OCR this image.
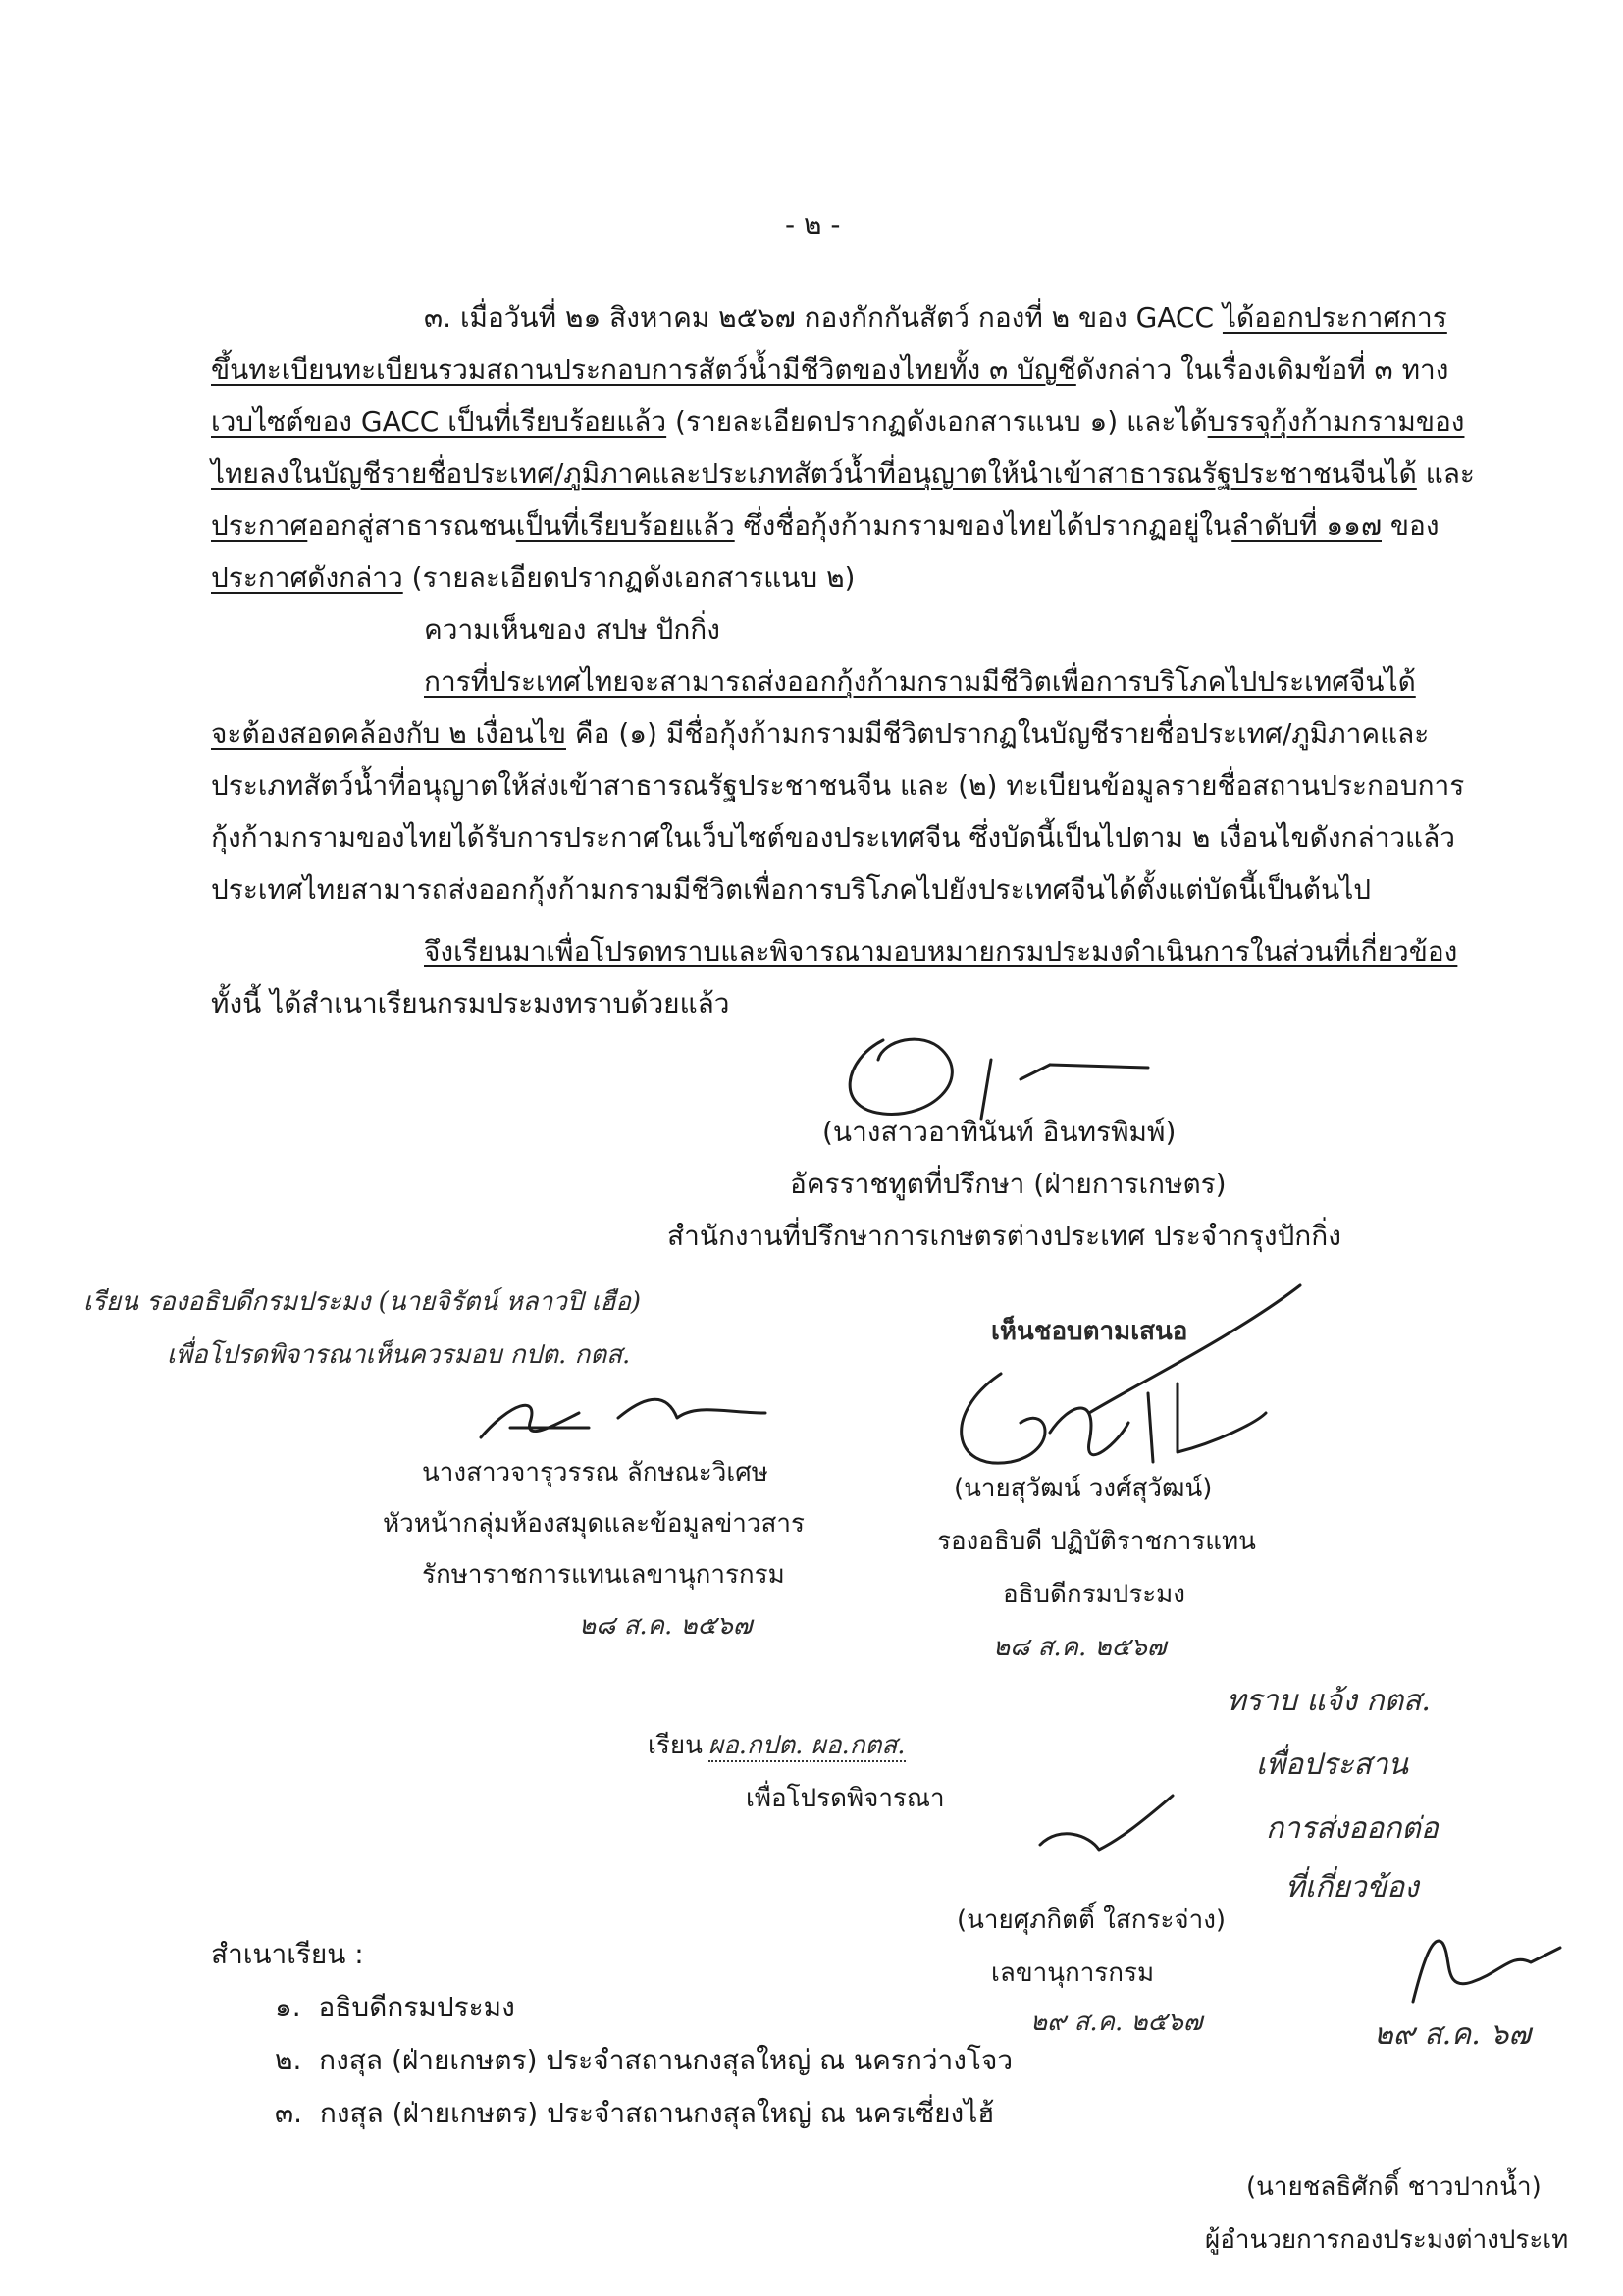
- ๒ -
๓. เมื่อวันที่ ๒๑ สิงหาคม ๒๕๖๗ กองกักกันสัตว์ กองที่ ๒ ของ GACC ได้ออกประกาศการ
ขึ้นทะเบียนทะเบียนรวมสถานประกอบการสัตว์น้ำมีชีวิตของไทยทั้ง ๓ บัญชีดังกล่าว ในเรื่องเดิมข้อที่ ๓ ทาง
เวบไซต์ของ GACC เป็นที่เรียบร้อยแล้ว (รายละเอียดปรากฏดังเอกสารแนบ ๑) และได้บรรจุกุ้งก้ามกรามของ
ไทยลงในบัญชีรายชื่อประเทศ/ภูมิภาคและประเภทสัตว์น้ำที่อนุญาตให้นำเข้าสาธารณรัฐประชาชนจีนได้ และ
ประกาศออกสู่สาธารณชนเป็นที่เรียบร้อยแล้ว ซึ่งชื่อกุ้งก้ามกรามของไทยได้ปรากฏอยู่ในลำดับที่ ๑๑๗ ของ
ประกาศดังกล่าว (รายละเอียดปรากฏดังเอกสารแนบ ๒)
ความเห็นของ สปษ ปักกิ่ง
การที่ประเทศไทยจะสามารถส่งออกกุ้งก้ามกรามมีชีวิตเพื่อการบริโภคไปประเทศจีนได้
จะต้องสอดคล้องกับ ๒ เงื่อนไข คือ (๑) มีชื่อกุ้งก้ามกรามมีชีวิตปรากฏในบัญชีรายชื่อประเทศ/ภูมิภาคและ
ประเภทสัตว์น้ำที่อนุญาตให้ส่งเข้าสาธารณรัฐประชาชนจีน และ (๒) ทะเบียนข้อมูลรายชื่อสถานประกอบการ
กุ้งก้ามกรามของไทยได้รับการประกาศในเว็บไซต์ของประเทศจีน ซึ่งบัดนี้เป็นไปตาม ๒ เงื่อนไขดังกล่าวแล้ว
ประเทศไทยสามารถส่งออกกุ้งก้ามกรามมีชีวิตเพื่อการบริโภคไปยังประเทศจีนได้ตั้งแต่บัดนี้เป็นต้นไป
จึงเรียนมาเพื่อโปรดทราบและพิจารณามอบหมายกรมประมงดำเนินการในส่วนที่เกี่ยวข้อง
ทั้งนี้ ได้สำเนาเรียนกรมประมงทราบด้วยแล้ว
(นางสาวอาทินันท์ อินทรพิมพ์)
อัครราชทูตที่ปรึกษา (ฝ่ายการเกษตร)
สำนักงานที่ปรึกษาการเกษตรต่างประเทศ ประจำกรุงปักกิ่ง
เรียน รองอธิบดีกรมประมง (นายจิรัตน์ หลาวปิ เฮือ)
เพื่อโปรดพิจารณาเห็นควรมอบ กปต. กตส.
นางสาวจารุวรรณ ลักษณะวิเศษ
หัวหน้ากลุ่มห้องสมุดและข้อมูลข่าวสาร
รักษาราชการแทนเลขานุการกรม
๒๘ ส.ค. ๒๕๖๗
เห็นชอบตามเสนอ
(นายสุวัฒน์ วงศ์สุวัฒน์)
รองอธิบดี ปฏิบัติราชการแทน
อธิบดีกรมประมง
๒๘ ส.ค. ๒๕๖๗
เรียน ผอ.กปต. ผอ.กตส.
เพื่อโปรดพิจารณา
(นายศุภกิตติ์ ใสกระจ่าง)
เลขานุการกรม
๒๙ ส.ค. ๒๕๖๗
ทราบ แจ้ง กตส.
เพื่อประสาน
การส่งออกต่อ
ที่เกี่ยวข้อง
๒๙ ส.ค. ๖๗
สำเนาเรียน :
๑. อธิบดีกรมประมง
๒. กงสุล (ฝ่ายเกษตร) ประจำสถานกงสุลใหญ่ ณ นครกว่างโจว
๓. กงสุล (ฝ่ายเกษตร) ประจำสถานกงสุลใหญ่ ณ นครเซี่ยงไฮ้
(นายชลธิศักดิ์ ชาวปากน้ำ)
ผู้อำนวยการกองประมงต่างประเท
